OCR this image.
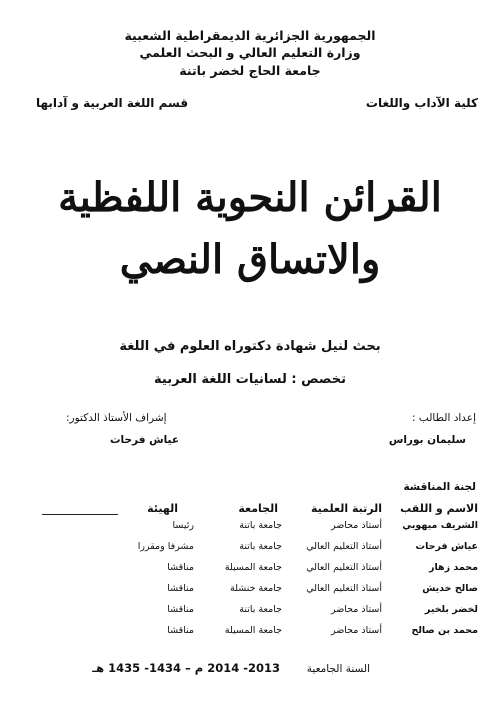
الجمهورية الجزائرية الديمقراطية الشعبية
وزارة التعليم العالي و البحث العلمي
جامعة الحاج لخضر باتنة
كلية الآداب واللغات
قسم اللغة العربية و آدابها
القرائن النحوية اللفظية
والاتساق النصي
بحث لنيل شهادة دكتوراه العلوم في اللغة
تخصص : لسانيات اللغة العربية
إعداد الطالب :
سليمان بوراس
إشراف الأستاذ الدكتور:
عياش فرحات
لجنة المناقشة
الاسم و اللقب
الرتبة العلمية
الجامعة
الهيئة
الشريف ميهوبي
أستاذ محاضر
جامعة باتنة
رئيسا
عياش فرحات
أستاذ التعليم العالي
جامعة باتنة
مشرفا ومقررا
محمد زهار
أستاذ التعليم العالي
جامعة المسيلة
مناقشا
صالح خديش
أستاذ التعليم العالي
جامعة خنشلة
مناقشا
لخضر بلخير
أستاذ محاضر
جامعة باتنة
مناقشا
محمد بن صالح
أستاذ محاضر
جامعة المسيلة
مناقشا
السنة الجامعية
2013- 2014 م – 1434- 1435 هـ
